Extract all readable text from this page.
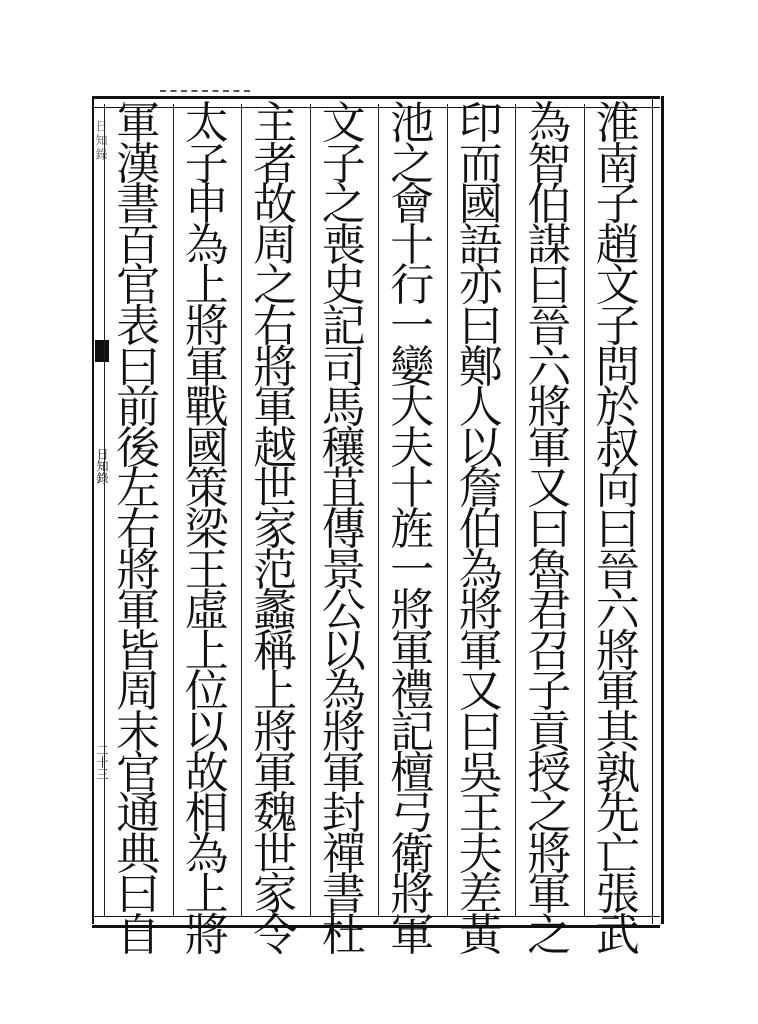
日知錄
日知錄
二十三
淮
南
子
趙
文
子
問
於
叔
向
曰
晉
六
將
軍
其
孰
先
亡
張
武
為
智
伯
謀
曰
晉
六
將
軍
又
曰
魯
君
召
子
貢
授
之
將
軍
之
印
而
國
語
亦
曰
鄭
人
以
詹
伯
為
將
軍
又
曰
吳
王
夫
差
黃
池
之
會
十
行
一
孌
大
夫
十
旌
一
將
軍
禮
記
檀
弓
衛
將
軍
文
子
之
喪
史
記
司
馬
穰
苴
傳
景
公
以
為
將
軍
封
禪
書
杜
主
者
故
周
之
右
將
軍
越
世
家
范
蠡
稱
上
將
軍
魏
世
家
令
太
子
申
為
上
將
軍
戰
國
策
梁
王
虛
上
位
以
故
相
為
上
將
軍
漢
書
百
官
表
曰
前
後
左
右
將
軍
皆
周
末
官
通
典
曰
自
